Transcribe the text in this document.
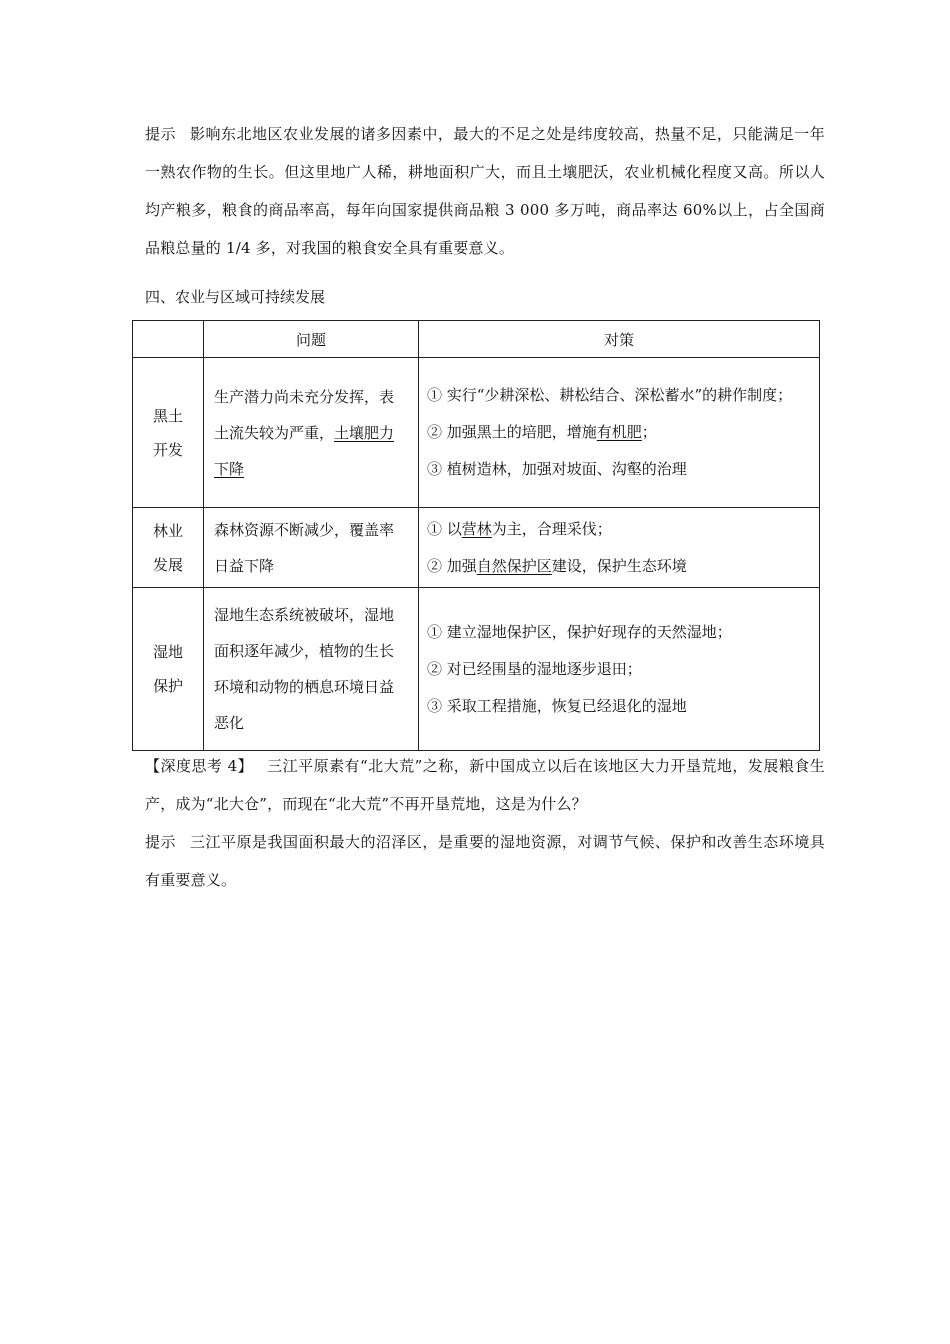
提示 影响东北地区农业发展的诸多因素中，最大的不足之处是纬度较高，热量不足，只能满足一年一熟农作物的生长。但这里地广人稀，耕地面积广大，而且土壤肥沃，农业机械化程度又高。所以人均产粮多，粮食的商品率高，每年向国家提供商品粮 3 000 多万吨，商品率达 60%以上，占全国商品粮总量的 1/4 多，对我国的粮食安全具有重要意义。

四、农业与区域可持续发展
	问题	对策

黑土
开发	生产潜力尚未充分发挥，表土流失较为严重，土壤肥力下降	① 实行“少耕深松、耕松结合、深松蓄水”的耕作制度；
② 加强黑土的培肥，增施有机肥；
③ 植树造林，加强对坡面、沟壑的治理

林业
发展	森林资源不断减少，覆盖率日益下降	① 以营林为主，合理采伐；
② 加强自然保护区建设，保护生态环境

湿地
保护	湿地生态系统被破坏，湿地面积逐年减少，植物的生长环境和动物的栖息环境日益恶化	① 建立湿地保护区，保护好现存的天然湿地；
② 对已经围垦的湿地逐步退田；
③ 采取工程措施，恢复已经退化的湿地

【深度思考 4】 三江平原素有“北大荒”之称，新中国成立以后在该地区大力开垦荒地，发展粮食生产，成为“北大仓”，而现在“北大荒”不再开垦荒地，这是为什么？

提示 三江平原是我国面积最大的沼泽区，是重要的湿地资源，对调节气候、保护和改善生态环境具有重要意义。
